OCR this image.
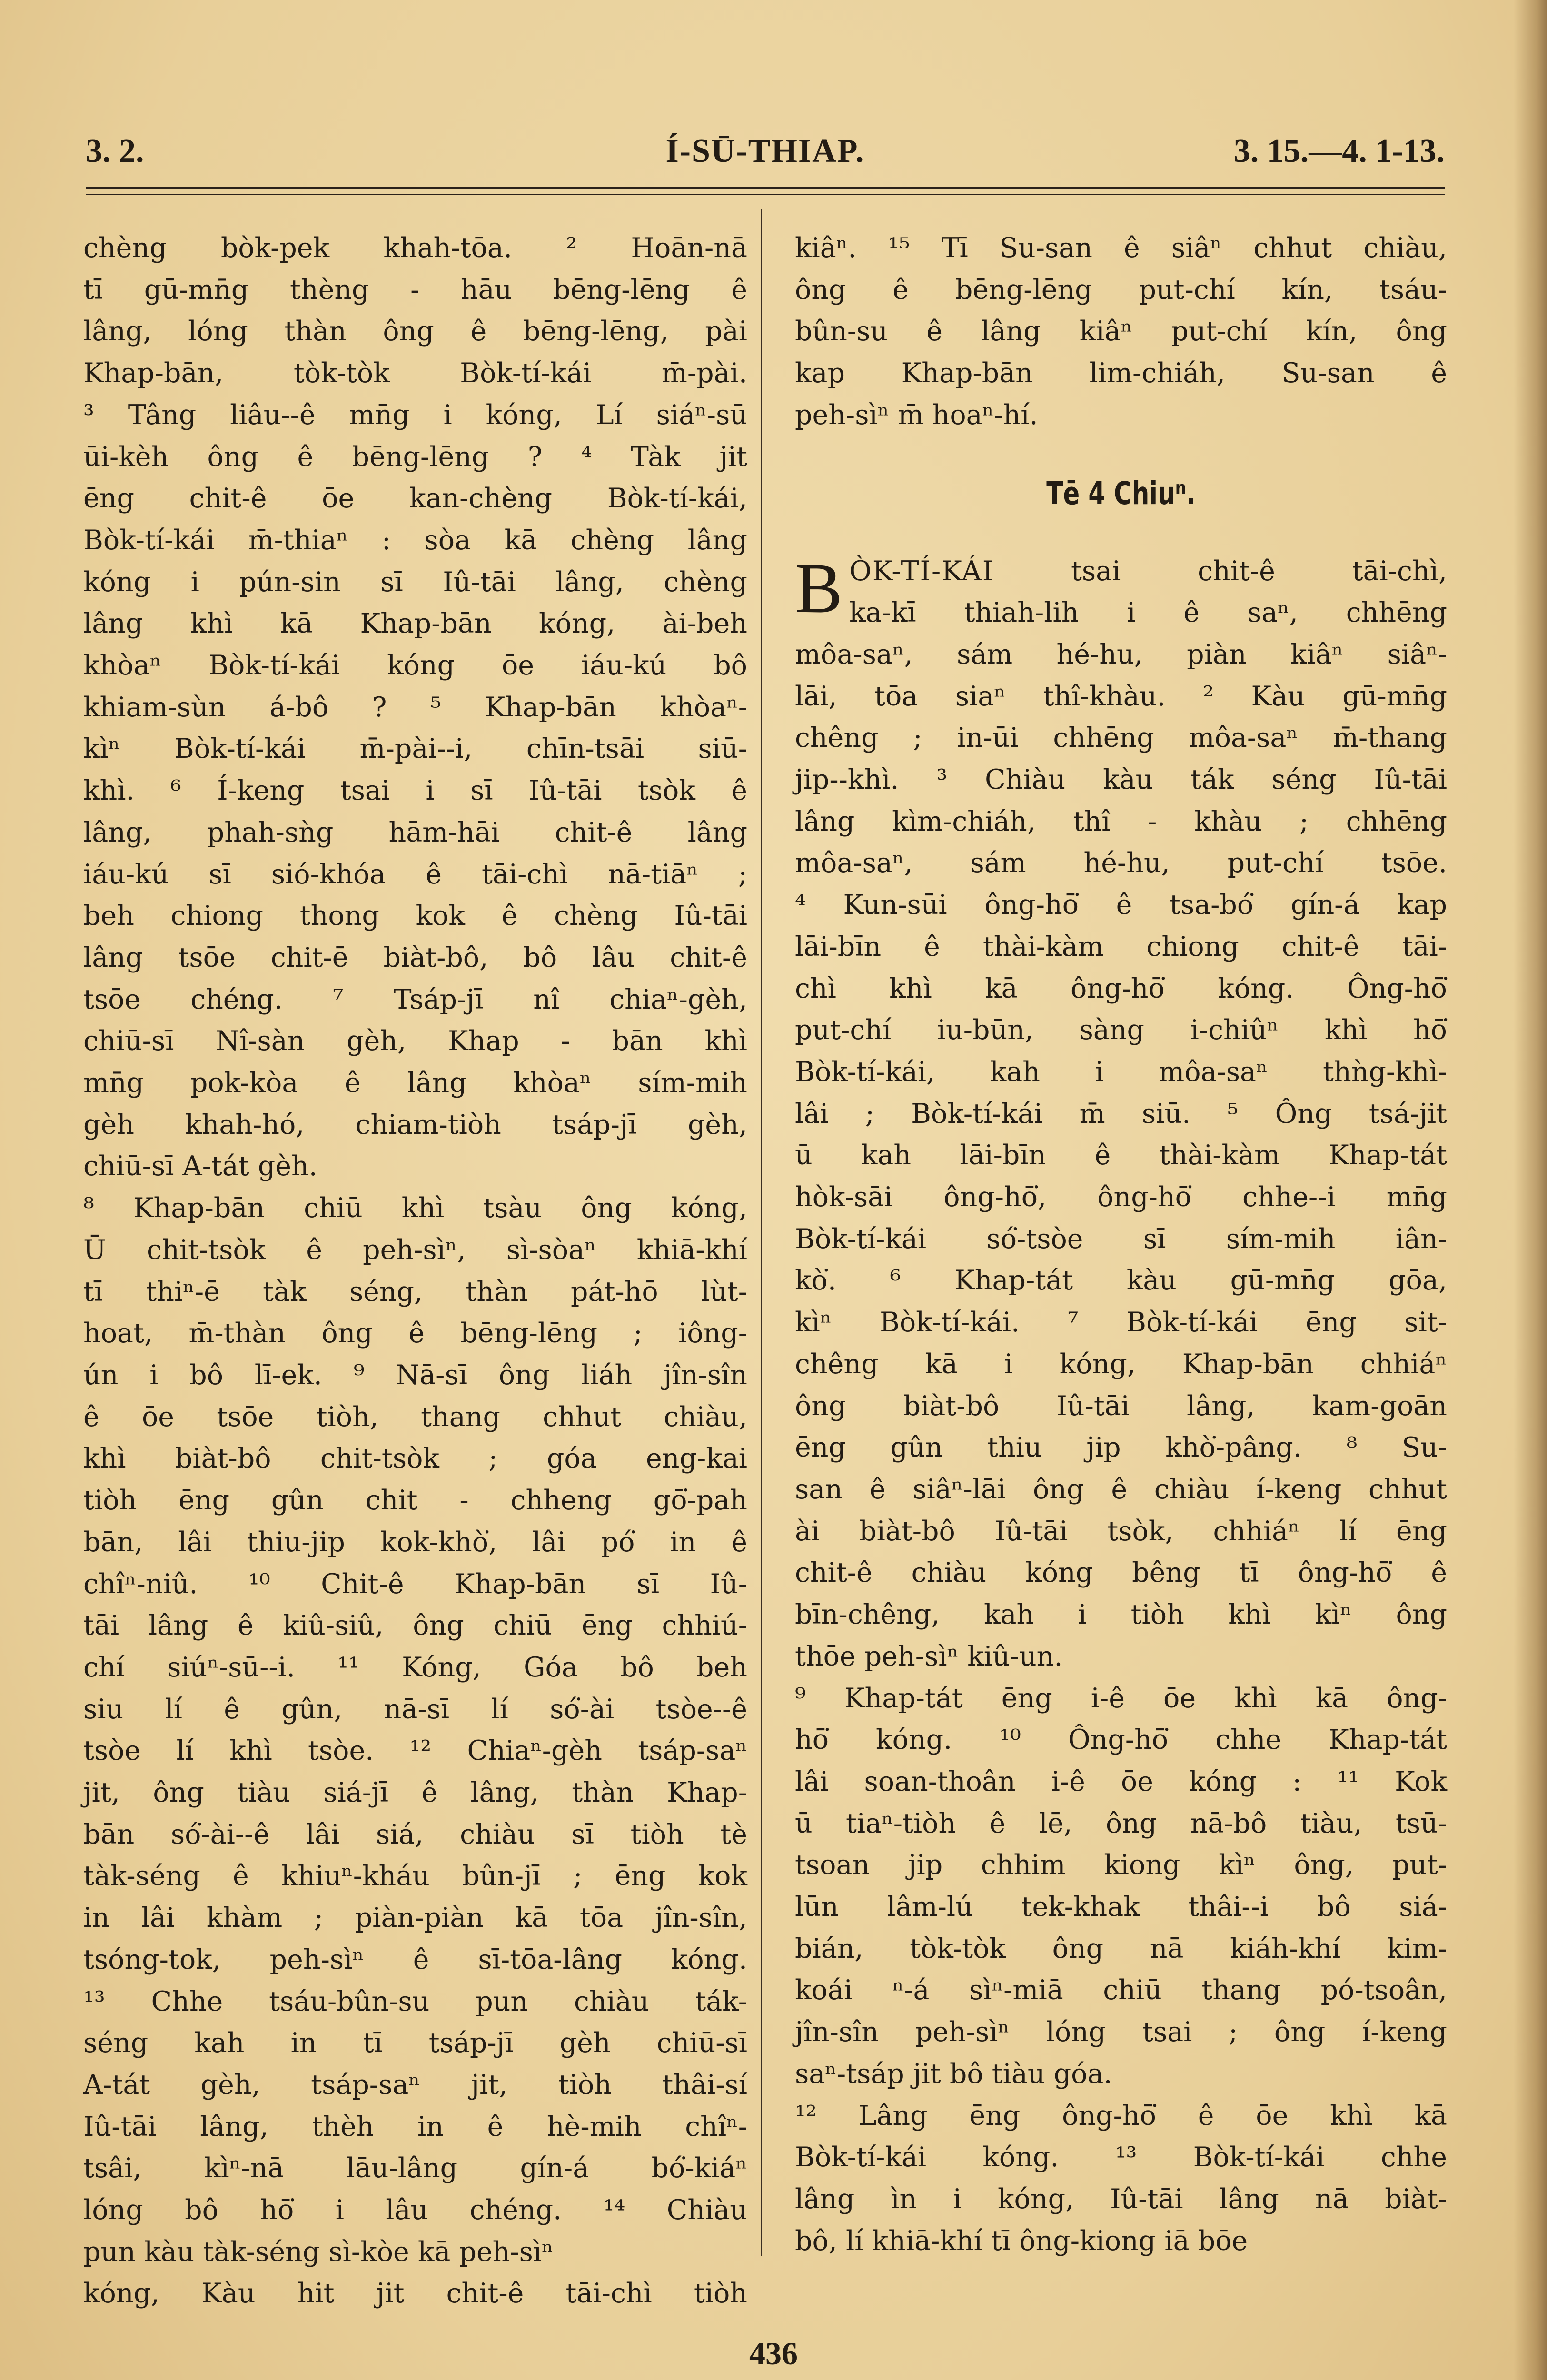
3. 2.	Í-SŪ-THIAP.	3. 15.—4. 1-13.

chèng bòk-pek khah-tōa. ² Hoān-nā

tī gū-mn̄g thèng - hāu bēng-lēng ê

lâng, lóng thàn ông ê bēng-lēng, pài

Khap-bān, tòk-tòk Bòk-tí-kái m̄-pài.

³ Tâng liâu--ê mn̄g i kóng, Lí siáⁿ-sū

ūi-kèh ông ê bēng-lēng ? ⁴ Tàk jit

ēng chit-ê ōe kan-chèng Bòk-tí-kái,

Bòk-tí-kái m̄-thiaⁿ : sòa kā chèng lâng

kóng i pún-sin sī Iû-tāi lâng, chèng

lâng khì kā Khap-bān kóng, ài-beh

khòaⁿ Bòk-tí-kái kóng ōe iáu-kú bô

khiam-sùn á-bô ? ⁵ Khap-bān khòaⁿ-

kìⁿ Bòk-tí-kái m̄-pài--i, chīn-tsāi siū-

khì. ⁶ Í-keng tsai i sī Iû-tāi tsòk ê

lâng, phah-sǹg hām-hāi chit-ê lâng

iáu-kú sī sió-khóa ê tāi-chì nā-tiāⁿ ;

beh chiong thong kok ê chèng Iû-tāi

lâng tsōe chit-ē biàt-bô, bô lâu chit-ê

tsōe chéng. ⁷ Tsáp-jī nî chiaⁿ-gèh,

chiū-sī Nî-sàn gèh, Khap - bān khì

mn̄g pok-kòa ê lâng khòaⁿ sím-mih

gèh khah-hó, chiam-tiòh tsáp-jī gèh,

chiū-sī A-tát gèh.

⁸ Khap-bān chiū khì tsàu ông kóng,

Ū chit-tsòk ê peh-sìⁿ, sì-sòaⁿ khiā-khí

tī thiⁿ-ē tàk séng, thàn pát-hō lùt-

hoat, m̄-thàn ông ê bēng-lēng ; iông-

ún i bô lī-ek. ⁹ Nā-sī ông liáh jîn-sîn

ê ōe tsōe tiòh, thang chhut chiàu,

khì biàt-bô chit-tsòk ; góa eng-kai

tiòh ēng gûn chit - chheng gō͘-pah

bān, lâi thiu-jip kok-khò͘, lâi pó͘ in ê

chîⁿ-niû. ¹⁰ Chit-ê Khap-bān sī Iû-

tāi lâng ê kiû-siû, ông chiū ēng chhiú-

chí siúⁿ-sū--i. ¹¹ Kóng, Góa bô beh

siu lí ê gûn, nā-sī lí só͘-ài tsòe--ê

tsòe lí khì tsòe. ¹² Chiaⁿ-gèh tsáp-saⁿ

jit, ông tiàu siá-jī ê lâng, thàn Khap-

bān só͘-ài--ê lâi siá, chiàu sī tiòh tè

tàk-séng ê khiuⁿ-kháu bûn-jī ; ēng kok

in lâi khàm ; piàn-piàn kā tōa jîn-sîn,

tsóng-tok, peh-sìⁿ ê sī-tōa-lâng kóng.

¹³ Chhe tsáu-bûn-su pun chiàu ták-

séng kah in tī tsáp-jī gèh chiū-sī

A-tát gèh, tsáp-saⁿ jit, tiòh thâi-sí

Iû-tāi lâng, thèh in ê hè-mih chîⁿ-

tsâi, kìⁿ-nā lāu-lâng gín-á bó͘-kiáⁿ

lóng bô hō͘ i lâu chéng. ¹⁴ Chiàu

pun kàu tàk-séng sì-kòe kā peh-sìⁿ

kóng, Kàu hit jit chit-ê tāi-chì tiòh

kiâⁿ. ¹⁵ Tī Su-san ê siâⁿ chhut chiàu,

ông ê bēng-lēng put-chí kín, tsáu-

bûn-su ê lâng kiâⁿ put-chí kín, ông

kap Khap-bān lim-chiáh, Su-san ê

peh-sìⁿ m̄ hoaⁿ-hí.

Tē 4 Chiuⁿ.

B ÒK-TÍ-KÁI tsai chit-ê tāi-chì,

ka-kī thiah-lih i ê saⁿ, chhēng

môa-saⁿ, sám hé-hu, piàn kiâⁿ siâⁿ-

lāi, tōa siaⁿ thî-khàu. ² Kàu gū-mn̄g

chêng ; in-ūi chhēng môa-saⁿ m̄-thang

jip--khì. ³ Chiàu kàu ták séng Iû-tāi

lâng kìm-chiáh, thî - khàu ; chhēng

môa-saⁿ, sám hé-hu, put-chí tsōe.

⁴ Kun-sūi ông-hō͘ ê tsa-bó͘ gín-á kap

lāi-bīn ê thài-kàm chiong chit-ê tāi-

chì khì kā ông-hō͘ kóng. Ông-hō͘

put-chí iu-būn, sàng i-chiûⁿ khì hō͘

Bòk-tí-kái, kah i môa-saⁿ thǹg-khì-

lâi ; Bòk-tí-kái m̄ siū. ⁵ Ông tsá-jit

ū kah lāi-bīn ê thài-kàm Khap-tát

hòk-sāi ông-hō͘, ông-hō͘ chhe--i mn̄g

Bòk-tí-kái só͘-tsòe sī sím-mih iân-

kò͘. ⁶ Khap-tát kàu gū-mn̄g gōa,

kìⁿ Bòk-tí-kái. ⁷ Bòk-tí-kái ēng sit-

chêng kā i kóng, Khap-bān chhiáⁿ

ông biàt-bô Iû-tāi lâng, kam-goān

ēng gûn thiu jip khò͘-pâng. ⁸ Su-

san ê siâⁿ-lāi ông ê chiàu í-keng chhut

ài biàt-bô Iû-tāi tsòk, chhiáⁿ lí ēng

chit-ê chiàu kóng bêng tī ông-hō͘ ê

bīn-chêng, kah i tiòh khì kìⁿ ông

thōe peh-sìⁿ kiû-un.

⁹ Khap-tát ēng i-ê ōe khì kā ông-

hō͘ kóng. ¹⁰ Ông-hō͘ chhe Khap-tát

lâi soan-thoân i-ê ōe kóng : ¹¹ Kok

ū tiaⁿ-tiòh ê lē, ông nā-bô tiàu, tsū-

tsoan jip chhim kiong kìⁿ ông, put-

lūn lâm-lú tek-khak thâi--i bô siá-

bián, tòk-tòk ông nā kiáh-khí kim-

koái ⁿ-á sìⁿ-miā chiū thang pó-tsoân,

jîn-sîn peh-sìⁿ lóng tsai ; ông í-keng

saⁿ-tsáp jit bô tiàu góa.

¹² Lâng ēng ông-hō͘ ê ōe khì kā

Bòk-tí-kái kóng. ¹³ Bòk-tí-kái chhe

lâng ìn i kóng, Iû-tāi lâng nā biàt-

bô, lí khiā-khí tī ông-kiong iā bōe

436
